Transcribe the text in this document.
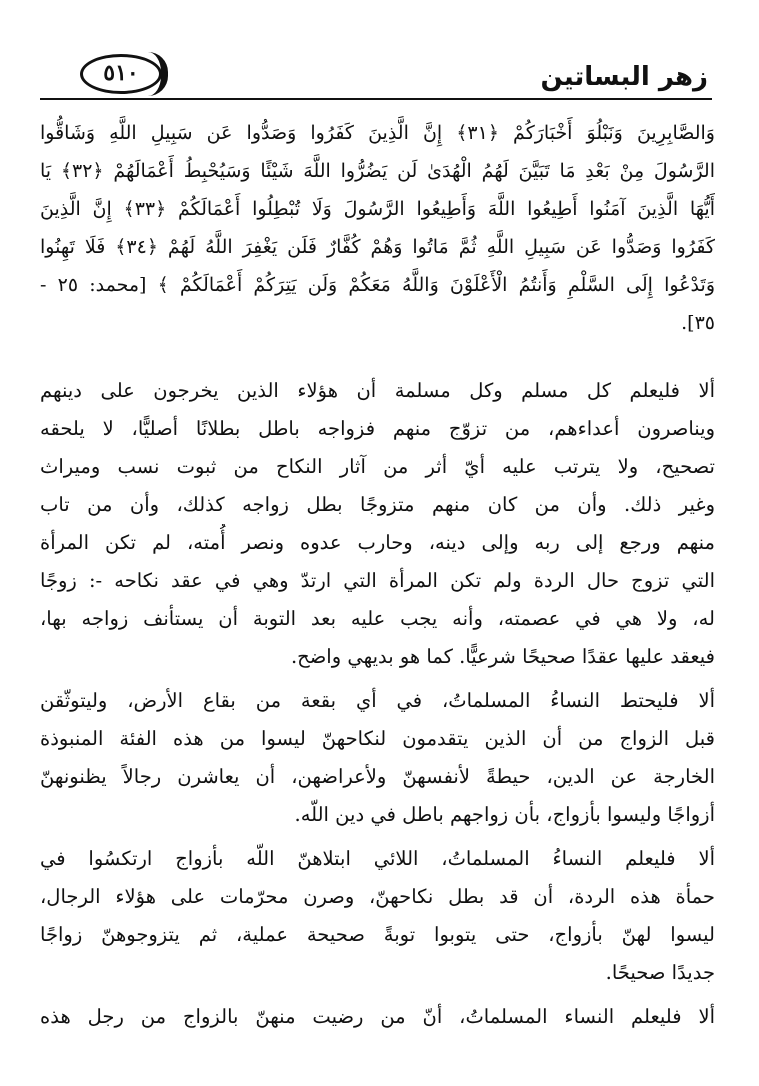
٥١٠	زهر البساتين
وَالصَّابِرِينَ وَنَبْلُوَ أَخْبَارَكُمْ ﴿٣١﴾ إِنَّ الَّذِينَ كَفَرُوا وَصَدُّوا عَن سَبِيلِ اللَّهِ وَشَاقُّوا
الرَّسُولَ مِنْ بَعْدِ مَا تَبَيَّنَ لَهُمُ الْهُدَىٰ لَن يَضُرُّوا اللَّهَ شَيْئًا وَسَيُحْبِطُ أَعْمَالَهُمْ ﴿٣٢﴾ يَا
أَيُّهَا الَّذِينَ آمَنُوا أَطِيعُوا اللَّهَ وَأَطِيعُوا الرَّسُولَ وَلَا تُبْطِلُوا أَعْمَالَكُمْ ﴿٣٣﴾ إِنَّ الَّذِينَ
كَفَرُوا وَصَدُّوا عَن سَبِيلِ اللَّهِ ثُمَّ مَاتُوا وَهُمْ كُفَّارٌ فَلَن يَغْفِرَ اللَّهُ لَهُمْ ﴿٣٤﴾ فَلَا تَهِنُوا
وَتَدْعُوا إِلَى السَّلْمِ وَأَنتُمُ الْأَعْلَوْنَ وَاللَّهُ مَعَكُمْ وَلَن يَتِرَكُمْ أَعْمَالَكُمْ ﴾ [محمد: ٢٥ -
٣٥].
ألا فليعلم كل مسلم وكل مسلمة أن هؤلاء الذين يخرجون على دينهم
ويناصرون أعداءهم، من تزوّج منهم فزواجه باطل بطلانًا أصليًّا، لا يلحقه
تصحيح، ولا يترتب عليه أيّ أثر من آثار النكاح من ثبوت نسب وميراث
وغير ذلك. وأن من كان منهم متزوجًا بطل زواجه كذلك، وأن من تاب
منهم ورجع إلى ربه وإلى دينه، وحارب عدوه ونصر أُمته، لم تكن المرأة
التي تزوج حال الردة ولم تكن المرأة التي ارتدّ وهي في عقد نكاحه -: زوجًا
له، ولا هي في عصمته، وأنه يجب عليه بعد التوبة أن يستأنف زواجه بها،
فيعقد عليها عقدًا صحيحًا شرعيًّا. كما هو بديهي واضح.
ألا فليحتط النساءُ المسلماتُ، في أي بقعة من بقاع الأرض، وليتوثّقن
قبل الزواج من أن الذين يتقدمون لنكاحهنّ ليسوا من هذه الفئة المنبوذة
الخارجة عن الدين، حيطةً لأنفسهنّ ولأعراضهن، أن يعاشرن رجالاً يظنونهنّ
أزواجًا وليسوا بأزواج، بأن زواجهم باطل في دين اللّه.
ألا فليعلم النساءُ المسلماتُ، اللائي ابتلاهنّ اللّه بأزواج ارتكسُوا في
حمأة هذه الردة، أن قد بطل نكاحهنّ، وصرن محرّمات على هؤلاء الرجال،
ليسوا لهنّ بأزواج، حتى يتوبوا توبةً صحيحة عملية، ثم يتزوجوهنّ زواجًا
جديدًا صحيحًا.
ألا فليعلم النساء المسلماتُ، أنّ من رضيت منهنّ بالزواج من رجل هذه
